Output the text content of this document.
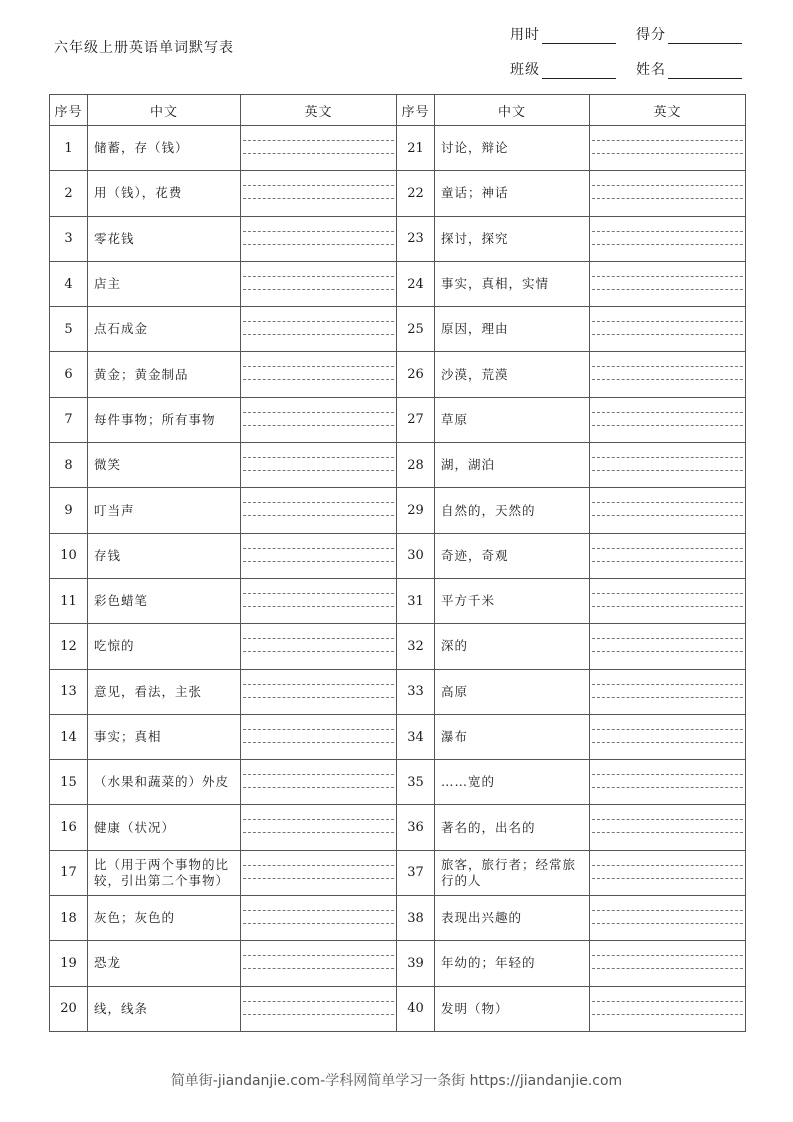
六年级上册英语单词默写表
用时	得分
班级	姓名
序号	中文	英文	序号	中文	英文
1	储蓄，存（钱）		21	讨论，辩论	

2	用（钱），花费		22	童话；神话	

3	零花钱		23	探讨，探究	

4	店主		24	事实，真相，实情	

5	点石成金		25	原因，理由	

6	黄金；黄金制品		26	沙漠，荒漠	

7	每件事物；所有事物		27	草原	

8	微笑		28	湖，湖泊	

9	叮当声		29	自然的，天然的	

10	存钱		30	奇迹，奇观	

11	彩色蜡笔		31	平方千米	

12	吃惊的		32	深的	

13	意见，看法，主张		33	高原	

14	事实；真相		34	瀑布	

15	（水果和蔬菜的）外皮		35	……宽的	

16	健康（状况）		36	著名的，出名的	

17	比（用于两个事物的比较，引出第二个事物）		37	旅客，旅行者；经常旅行的人	

18	灰色；灰色的		38	表现出兴趣的	

19	恐龙		39	年幼的；年轻的	

20	线，线条		40	发明（物）	
简单街-jiandanjie.com-学科网简单学习一条街 https://jiandanjie.com
